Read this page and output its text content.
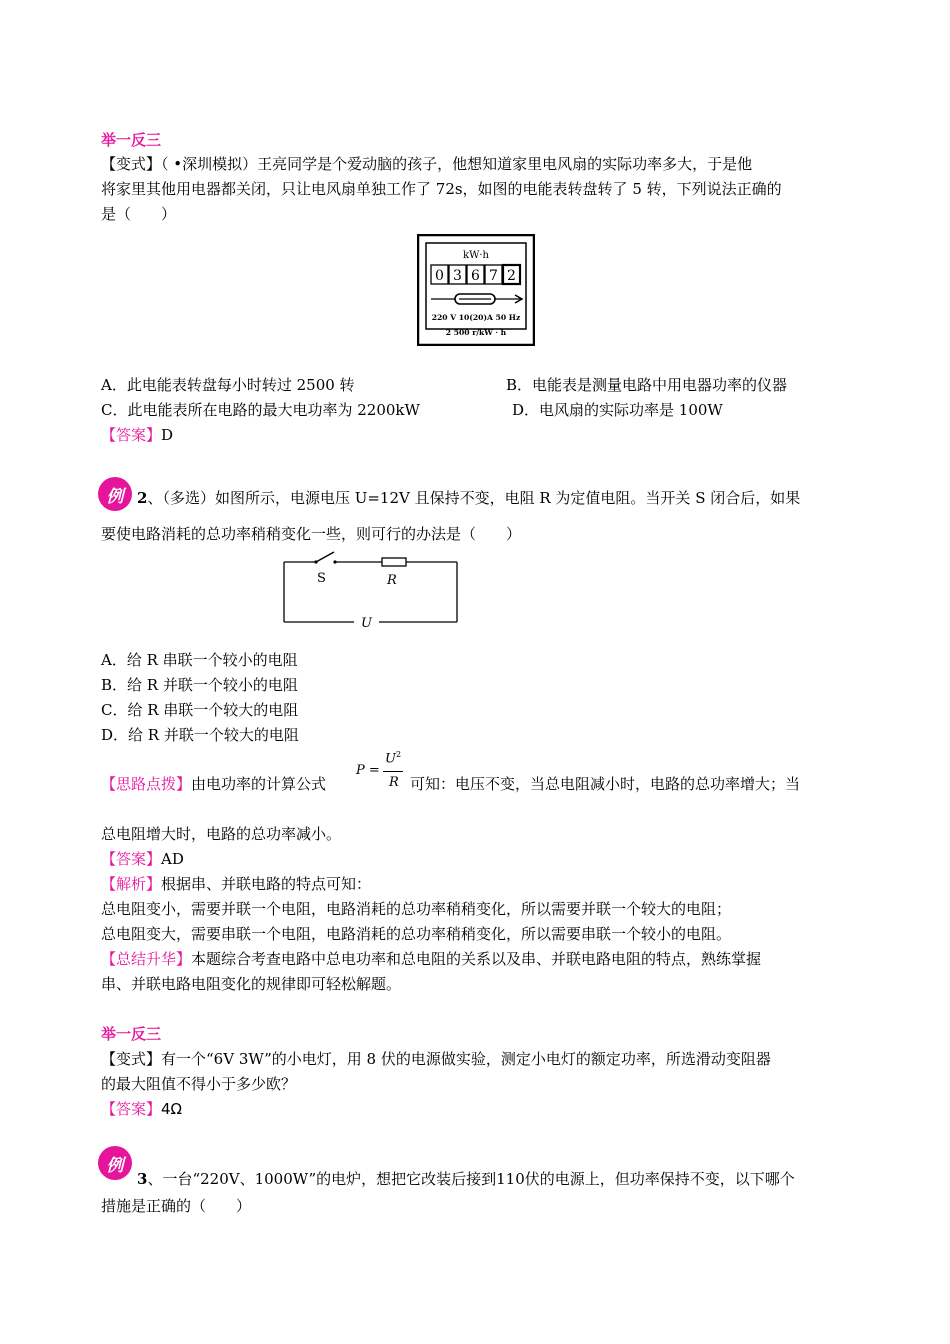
举一反三
【变式】（ •深圳模拟）王亮同学是个爱动脑的孩子，他想知道家里电风扇的实际功率多大，于是他
将家里其他用电器都关闭，只让电风扇单独工作了 72s，如图的电能表转盘转了 5 转，下列说法正确的
是（　　）
kW·h
0 3 6 7 2
220 V 10(20)A 50 Hz
2 500 r/kW · h
A．此电能表转盘每小时转过 2500 转	B．电能表是测量电路中用电器功率的仪器
C．此电能表所在电路的最大电功率为 2200kW	D．电风扇的实际功率是 100W
【答案】D
例 2、（多选）如图所示，电源电压 U=12V 且保持不变，电阻 R 为定值电阻。当开关 S 闭合后，如果
要使电路消耗的总功率稍稍变化一些，则可行的办法是（　　）
S	R
U
A．给 R 串联一个较小的电阻
B．给 R 并联一个较小的电阻
C．给 R 串联一个较大的电阻
D．给 R 并联一个较大的电阻
【思路点拨】由电功率的计算公式
P =
$U^2$
R 可知：电压不变，当总电阻减小时，电路的总功率增大；当
总电阻增大时，电路的总功率减小。
【答案】AD
【解析】根据串、并联电路的特点可知：
总电阻变小，需要并联一个电阻，电路消耗的总功率稍稍变化，所以需要并联一个较大的电阻；
总电阻变大，需要串联一个电阻，电路消耗的总功率稍稍变化，所以需要串联一个较小的电阻。
【总结升华】本题综合考查电路中总电功率和总电阻的关系以及串、并联电路电阻的特点，熟练掌握
串、并联电路电阻变化的规律即可轻松解题。
举一反三
【变式】有一个“6V 3W”的小电灯，用 8 伏的电源做实验，测定小电灯的额定功率，所选滑动变阻器
的最大阻值不得小于多少欧？
【答案】4Ω
例
3、一台“220V、1000W”的电炉，想把它改装后接到110伏的电源上，但功率保持不变，以下哪个
措施是正确的（　　）
